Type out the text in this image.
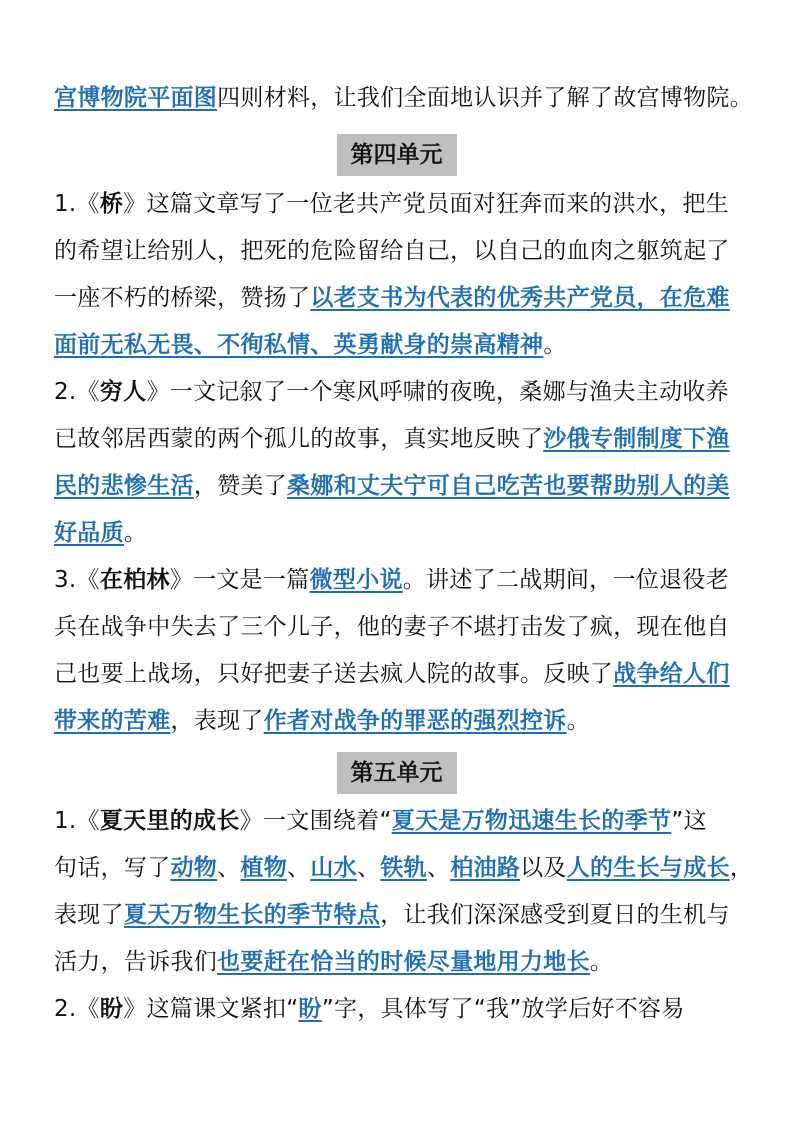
宫博物院平面图四则材料，让我们全面地认识并了解了故宫博物院。
第四单元
1.《桥》这篇文章写了一位老共产党员面对狂奔而来的洪水，把生
的希望让给别人，把死的危险留给自己，以自己的血肉之躯筑起了
一座不朽的桥梁，赞扬了以老支书为代表的优秀共产党员，在危难
面前无私无畏、不徇私情、英勇献身的崇高精神。
2.《穷人》一文记叙了一个寒风呼啸的夜晚，桑娜与渔夫主动收养
已故邻居西蒙的两个孤儿的故事，真实地反映了沙俄专制制度下渔
民的悲惨生活，赞美了桑娜和丈夫宁可自己吃苦也要帮助别人的美
好品质。
3.《在柏林》一文是一篇微型小说。讲述了二战期间，一位退役老
兵在战争中失去了三个儿子，他的妻子不堪打击发了疯，现在他自
己也要上战场，只好把妻子送去疯人院的故事。反映了战争给人们
带来的苦难，表现了作者对战争的罪恶的强烈控诉。
第五单元
1.《夏天里的成长》一文围绕着“夏天是万物迅速生长的季节”这
句话，写了动物、植物、山水、铁轨、柏油路以及人的生长与成长，
表现了夏天万物生长的季节特点，让我们深深感受到夏日的生机与
活力，告诉我们也要赶在恰当的时候尽量地用力地长。
2.《盼》这篇课文紧扣“盼”字，具体写了“我”放学后好不容易
